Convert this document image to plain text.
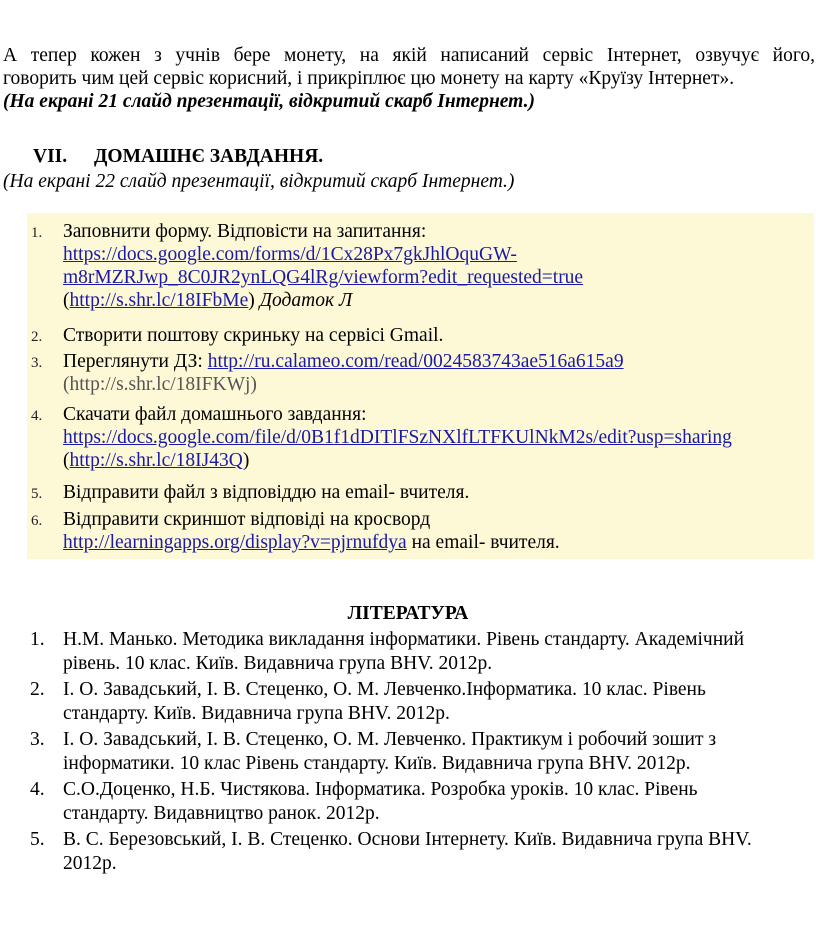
А тепер кожен з учнів бере монету, на якій написаний сервіс Інтернет, озвучує його,
говорить чим цей сервіс корисний, і прикріплює цю монету на карту «Круїзу Інтернет».
(На екрані 21 слайд презентації, відкритий скарб Інтернет.)
VII. ДОМАШНЄ ЗАВДАННЯ.
(На екрані 22 слайд презентації, відкритий скарб Інтернет.)
1. Заповнити форму. Відповісти на запитання:
https://docs.google.com/forms/d/1Cx28Px7gkJhlOquGW-
m8rMZRJwp_8C0JR2ynLQG4lRg/viewform?edit_requested=true
(http://s.shr.lc/18IFbMe) Додаток Л
2. Створити поштову скриньку на сервісі Gmail.
3. Переглянути ДЗ: http://ru.calameo.com/read/0024583743ae516a615a9
(http://s.shr.lc/18IFKWj)
4. Скачати файл домашнього завдання:
https://docs.google.com/file/d/0B1f1dDITlFSzNXlfLTFKUlNkM2s/edit?usp=sharing
(http://s.shr.lc/18IJ43Q)
5. Відправити файл з відповіддю на email- вчителя.
6. Відправити скриншот відповіді на кросворд
http://learningapps.org/display?v=pjrnufdya на email- вчителя.
ЛІТЕРАТУРА
1. Н.М. Манько. Методика викладання інформатики. Рівень стандарту. Академічний
рівень. 10 клас. Київ. Видавнича група BHV. 2012р.
2. І. О. Завадський, І. В. Стеценко, О. М. Левченко.Інформатика. 10 клас. Рівень
стандарту. Київ. Видавнича група BHV. 2012р.
3. І. О. Завадський, І. В. Стеценко, О. М. Левченко. Практикум і робочий зошит з
інформатики. 10 клас Рівень стандарту. Київ. Видавнича група BHV. 2012р.
4. С.О.Доценко, Н.Б. Чистякова. Інформатика. Розробка уроків. 10 клас. Рівень
стандарту. Видавництво ранок. 2012р.
5. В. С. Березовський, І. В. Стеценко. Основи Інтернету. Київ. Видавнича група BHV.
2012р.
